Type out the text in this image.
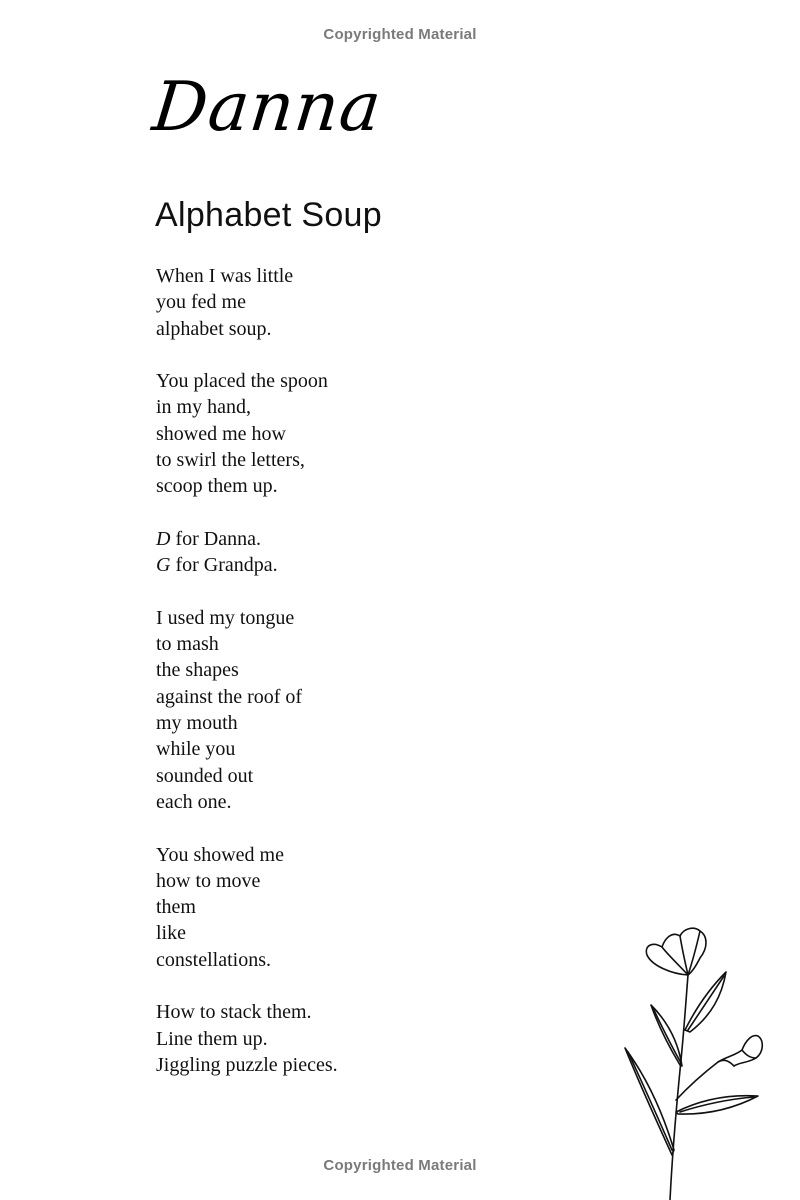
Copyrighted Material
Danna
Alphabet Soup
When I was little
you fed me
alphabet soup.
You placed the spoon
in my hand,
showed me how
to swirl the letters,
scoop them up.
D for Danna.
G for Grandpa.
I used my tongue
to mash
the shapes
against the roof of
my mouth
while you
sounded out
each one.
You showed me
how to move
them
like
constellations.
How to stack them.
Line them up.
Jiggling puzzle pieces.
Copyrighted Material
